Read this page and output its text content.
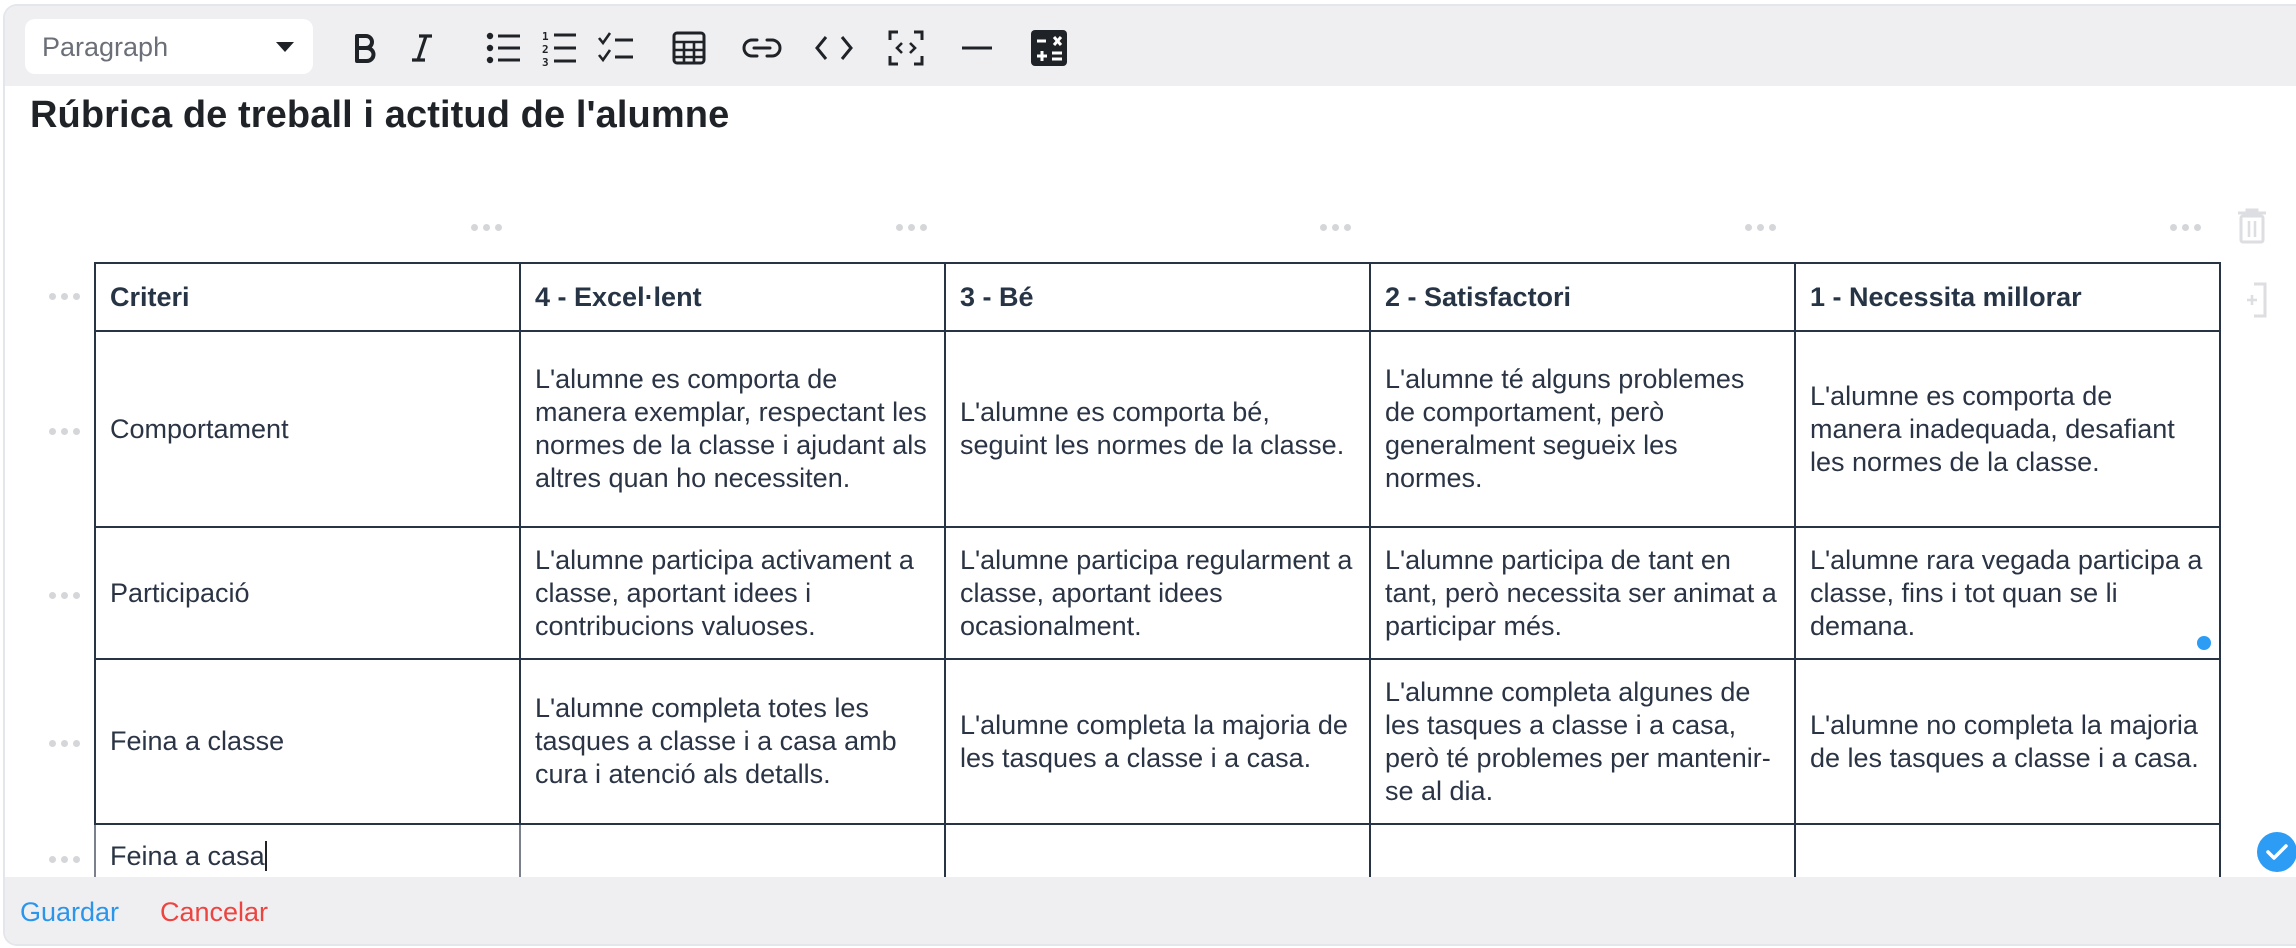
Paragraph	1
2
3
Rúbrica de treball i actitud de l'alumne
Criteri	4 - Excel·lent	3 - Bé	2 - Satisfactori	1 - Necessita millorar
Comportament	L'alumne es comporta de manera exemplar, respectant les normes de la classe i ajudant als altres quan ho necessiten.	L'alumne es comporta bé, seguint les normes de la classe.	L'alumne té alguns problemes de comportament, però generalment segueix les normes.	L'alumne es comporta de manera inadequada, desafiant les normes de la classe.
Participació	L'alumne participa activament a classe, aportant idees i contribucions valuoses.	L'alumne participa regularment a classe, aportant idees ocasionalment.	L'alumne participa de tant en tant, però necessita ser animat a participar més.	L'alumne rara vegada participa a classe, fins i tot quan se li demana.
Feina a classe	L'alumne completa totes les tasques a classe i a casa amb cura i atenció als detalls.	L'alumne completa la majoria de les tasques a classe i a casa.	L'alumne completa algunes de les tasques a classe i a casa, però té problemes per mantenir-se al dia.	L'alumne no completa la majoria de les tasques a classe i a casa.
Feina a casa				
Guardar Cancelar
